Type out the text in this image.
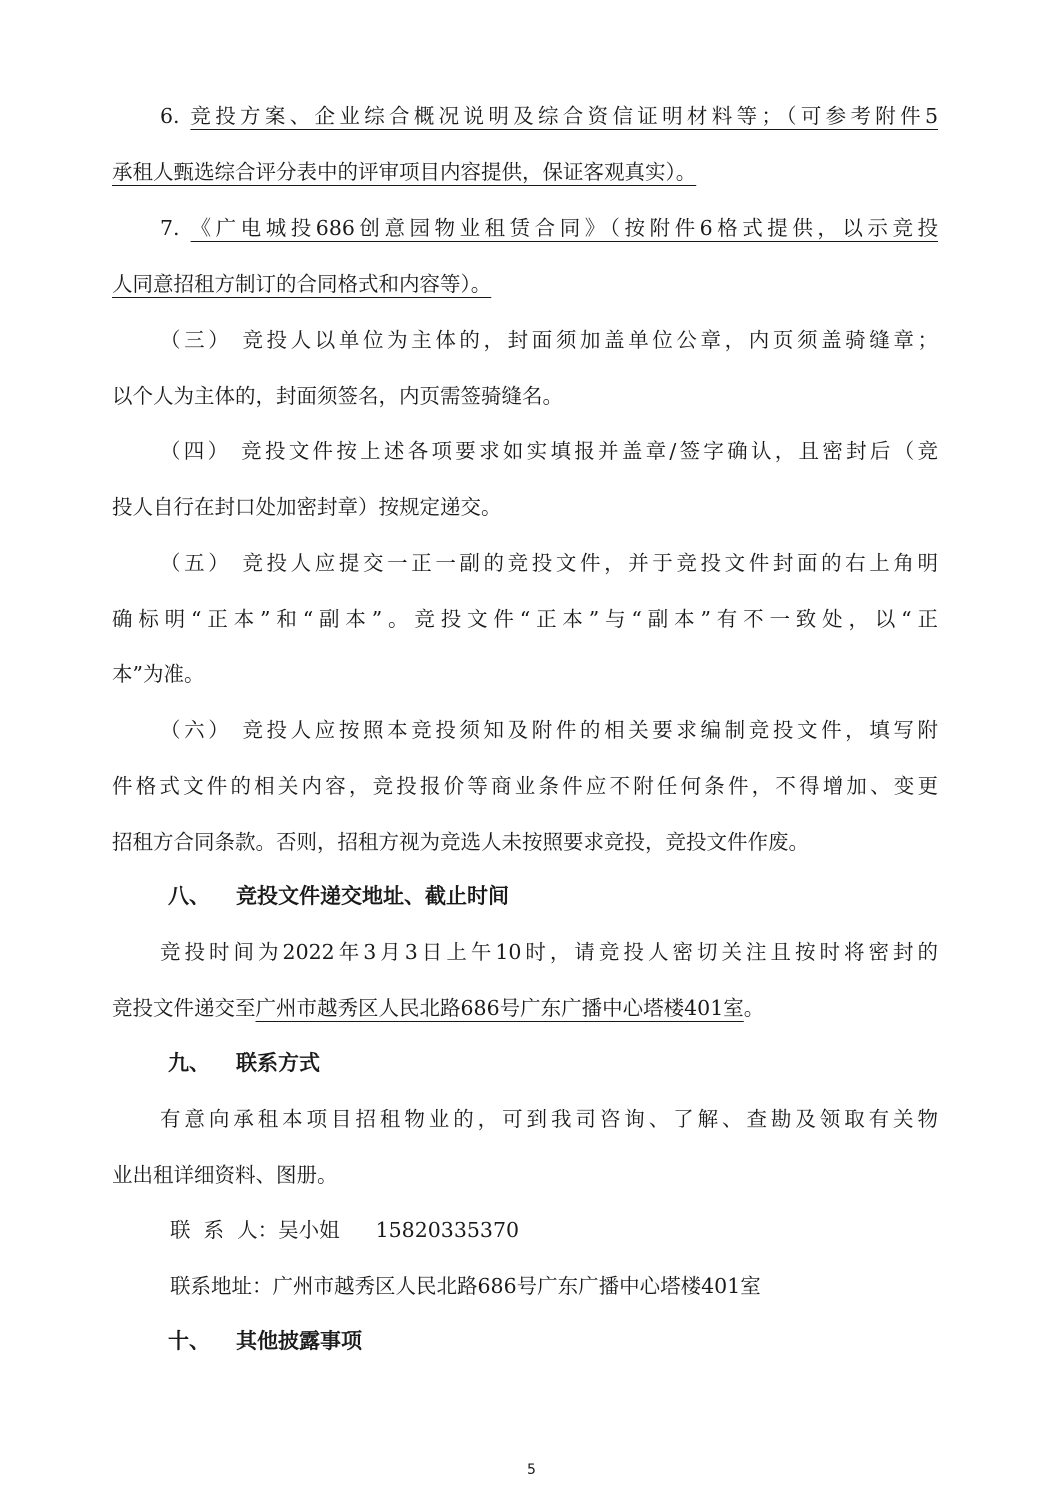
6. 竞投方案、企业综合概况说明及综合资信证明材料等；（可参考附件5

承租人甄选综合评分表中的评审项目内容提供，保证客观真实）。

7. 《广电城投686创意园物业租赁合同》（按附件6格式提供，以示竞投

人同意招租方制订的合同格式和内容等）。

（三） 竞投人以单位为主体的，封面须加盖单位公章，内页须盖骑缝章；

以个人为主体的，封面须签名，内页需签骑缝名。

（四） 竞投文件按上述各项要求如实填报并盖章/签字确认，且密封后（竞

投人自行在封口处加密封章）按规定递交。

（五） 竞投人应提交一正一副的竞投文件，并于竞投文件封面的右上角明

确标明“正本”和“副本”。竞投文件“正本”与“副本”有不一致处，以“正

本”为准。

（六） 竞投人应按照本竞投须知及附件的相关要求编制竞投文件，填写附

件格式文件的相关内容，竞投报价等商业条件应不附任何条件，不得增加、变更

招租方合同条款。否则，招租方视为竞选人未按照要求竞投，竞投文件作废。

八、 竞投文件递交地址、截止时间

竞投时间为2022年3月3日上午10时，请竞投人密切关注且按时将密封的

竞投文件递交至广州市越秀区人民北路686号广东广播中心塔楼401室。

九、 联系方式

有意向承租本项目招租物业的，可到我司咨询、了解、查勘及领取有关物

业出租详细资料、图册。

联  系  人：吴小姐 15820335370

联系地址：广州市越秀区人民北路686号广东广播中心塔楼401室

十、 其他披露事项

5
